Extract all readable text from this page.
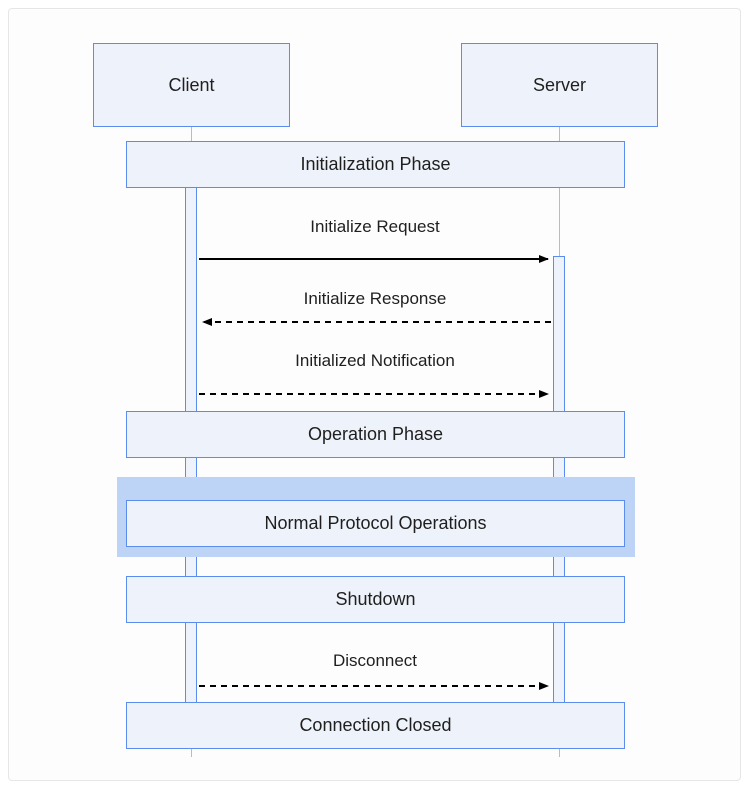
Client	Server
Initialization Phase
Operation Phase
Normal Protocol Operations
Shutdown
Connection Closed
Initialize Request
Initialize Response
Initialized Notification
Disconnect
